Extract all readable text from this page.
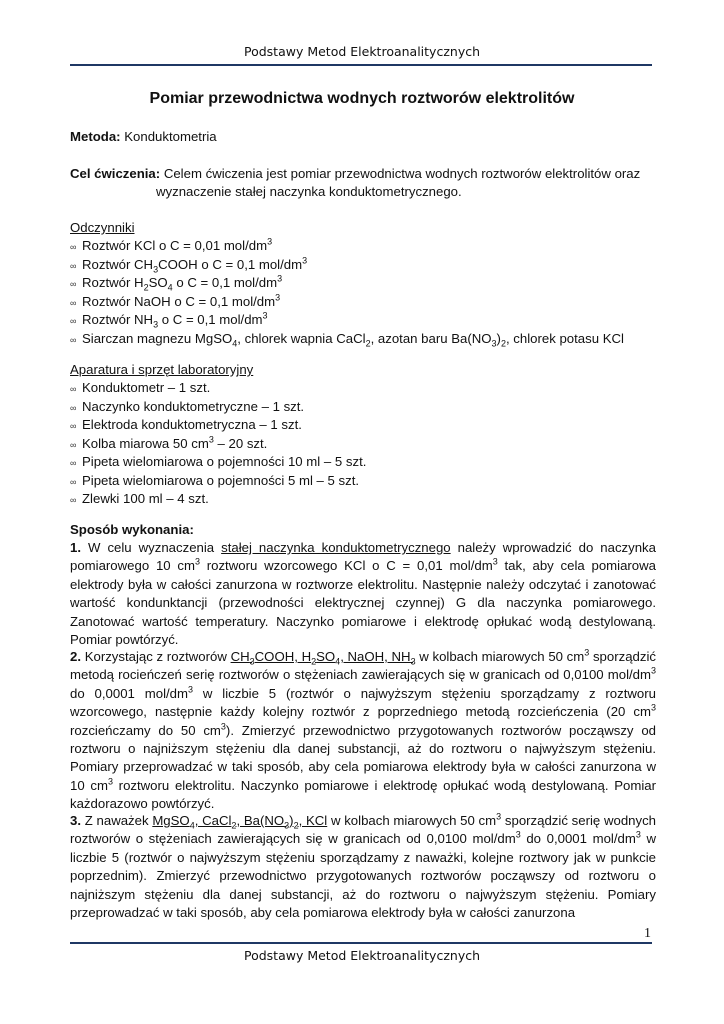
Podstawy Metod Elektroanalitycznych
Pomiar przewodnictwa wodnych roztworów elektrolitów
Metoda: Konduktometria
Cel ćwiczenia: Celem ćwiczenia jest pomiar przewodnictwa wodnych roztworów elektrolitów oraz
wyznaczenie stałej naczynka konduktometrycznego.
Odczynniki
∞ Roztwór KCl o C = 0,01 mol/$dm^3$
∞ Roztwór $CH_3COOH$ o C = 0,1 mol/$dm^3$
∞ Roztwór $H_2SO_4$ o C = 0,1 mol/$dm^3$
∞ Roztwór NaOH o C = 0,1 mol/$dm^3$
∞ Roztwór $NH_3$ o C = 0,1 mol/$dm^3$
∞ Siarczan magnezu MgSO$_4$, chlorek wapnia CaCl$_2$, azotan baru $Ba(NO_3)_2$, chlorek potasu KCl
Aparatura i sprzęt laboratoryjny
∞ Konduktometr – 1 szt.
∞ Naczynko konduktometryczne – 1 szt.
∞ Elektroda konduktometryczna – 1 szt.
∞ Kolba miarowa 50 $cm^3 - 20$ szt.
∞ Pipeta wielomiarowa o pojemności 10 ml – 5 szt.
∞ Pipeta wielomiarowa o pojemności 5 ml – 5 szt.
∞ Zlewki 100 ml – 4 szt.
Sposób wykonania:
1. W celu wyznaczenia stałej naczynka konduktometrycznego należy wprowadzić do naczynka pomiarowego 10 $cm^3$ roztworu wzorcowego KCl o C = 0,01 mol/$dm^3$ tak, aby cela pomiarowa elektrody była w całości zanurzona w roztworze elektrolitu. Następnie należy odczytać i zanotować wartość kondunktancji (przewodności elektrycznej czynnej) G dla naczynka pomiarowego. Zanotować wartość temperatury. Naczynko pomiarowe i elektrodę opłukać wodą destylowaną. Pomiar powtórzyć.
2. Korzystając z roztworów $CH_3COOH$, $H_2SO_4$, NaOH, $NH_3$ w kolbach miarowych 50 $cm^3$ sporządzić metodą rocieńczeń serię roztworów o stężeniach zawierających się w granicach od 0,0100 mol/$dm^3$ do 0,0001 mol/$dm^3$ w liczbie 5 (roztwór o najwyższym stężeniu sporządzamy z roztworu wzorcowego, następnie każdy kolejny roztwór z poprzedniego metodą rozcieńczenia (20 $cm^3$ rozcieńczamy do 50 $cm^3$). Zmierzyć przewodnictwo przygotowanych roztworów począwszy od roztworu o najniższym stężeniu dla danej substancji, aż do roztworu o najwyższym stężeniu. Pomiary przeprowadzać w taki sposób, aby cela pomiarowa elektrody była w całości zanurzona w 10 $cm^3$ roztworu elektrolitu. Naczynko pomiarowe i elektrodę opłukać wodą destylowaną. Pomiar każdorazowo powtórzyć.
3. Z naważek MgSO$_4$, CaCl$_2$, $Ba(NO_3)_2$, KCl w kolbach miarowych 50 $cm^3$ sporządzić serię wodnych roztworów o stężeniach zawierających się w granicach od 0,0100 mol/$dm^3$ do 0,0001 mol/$dm^3$ w liczbie 5 (roztwór o najwyższym stężeniu sporządzamy z naważki, kolejne roztwory jak w punkcie poprzednim). Zmierzyć przewodnictwo przygotowanych roztworów począwszy od roztworu o najniższym stężeniu dla danej substancji, aż do roztworu o najwyższym stężeniu. Pomiary przeprowadzać w taki sposób, aby cela pomiarowa elektrody była w całości zanurzona
1
Podstawy Metod Elektroanalitycznych
